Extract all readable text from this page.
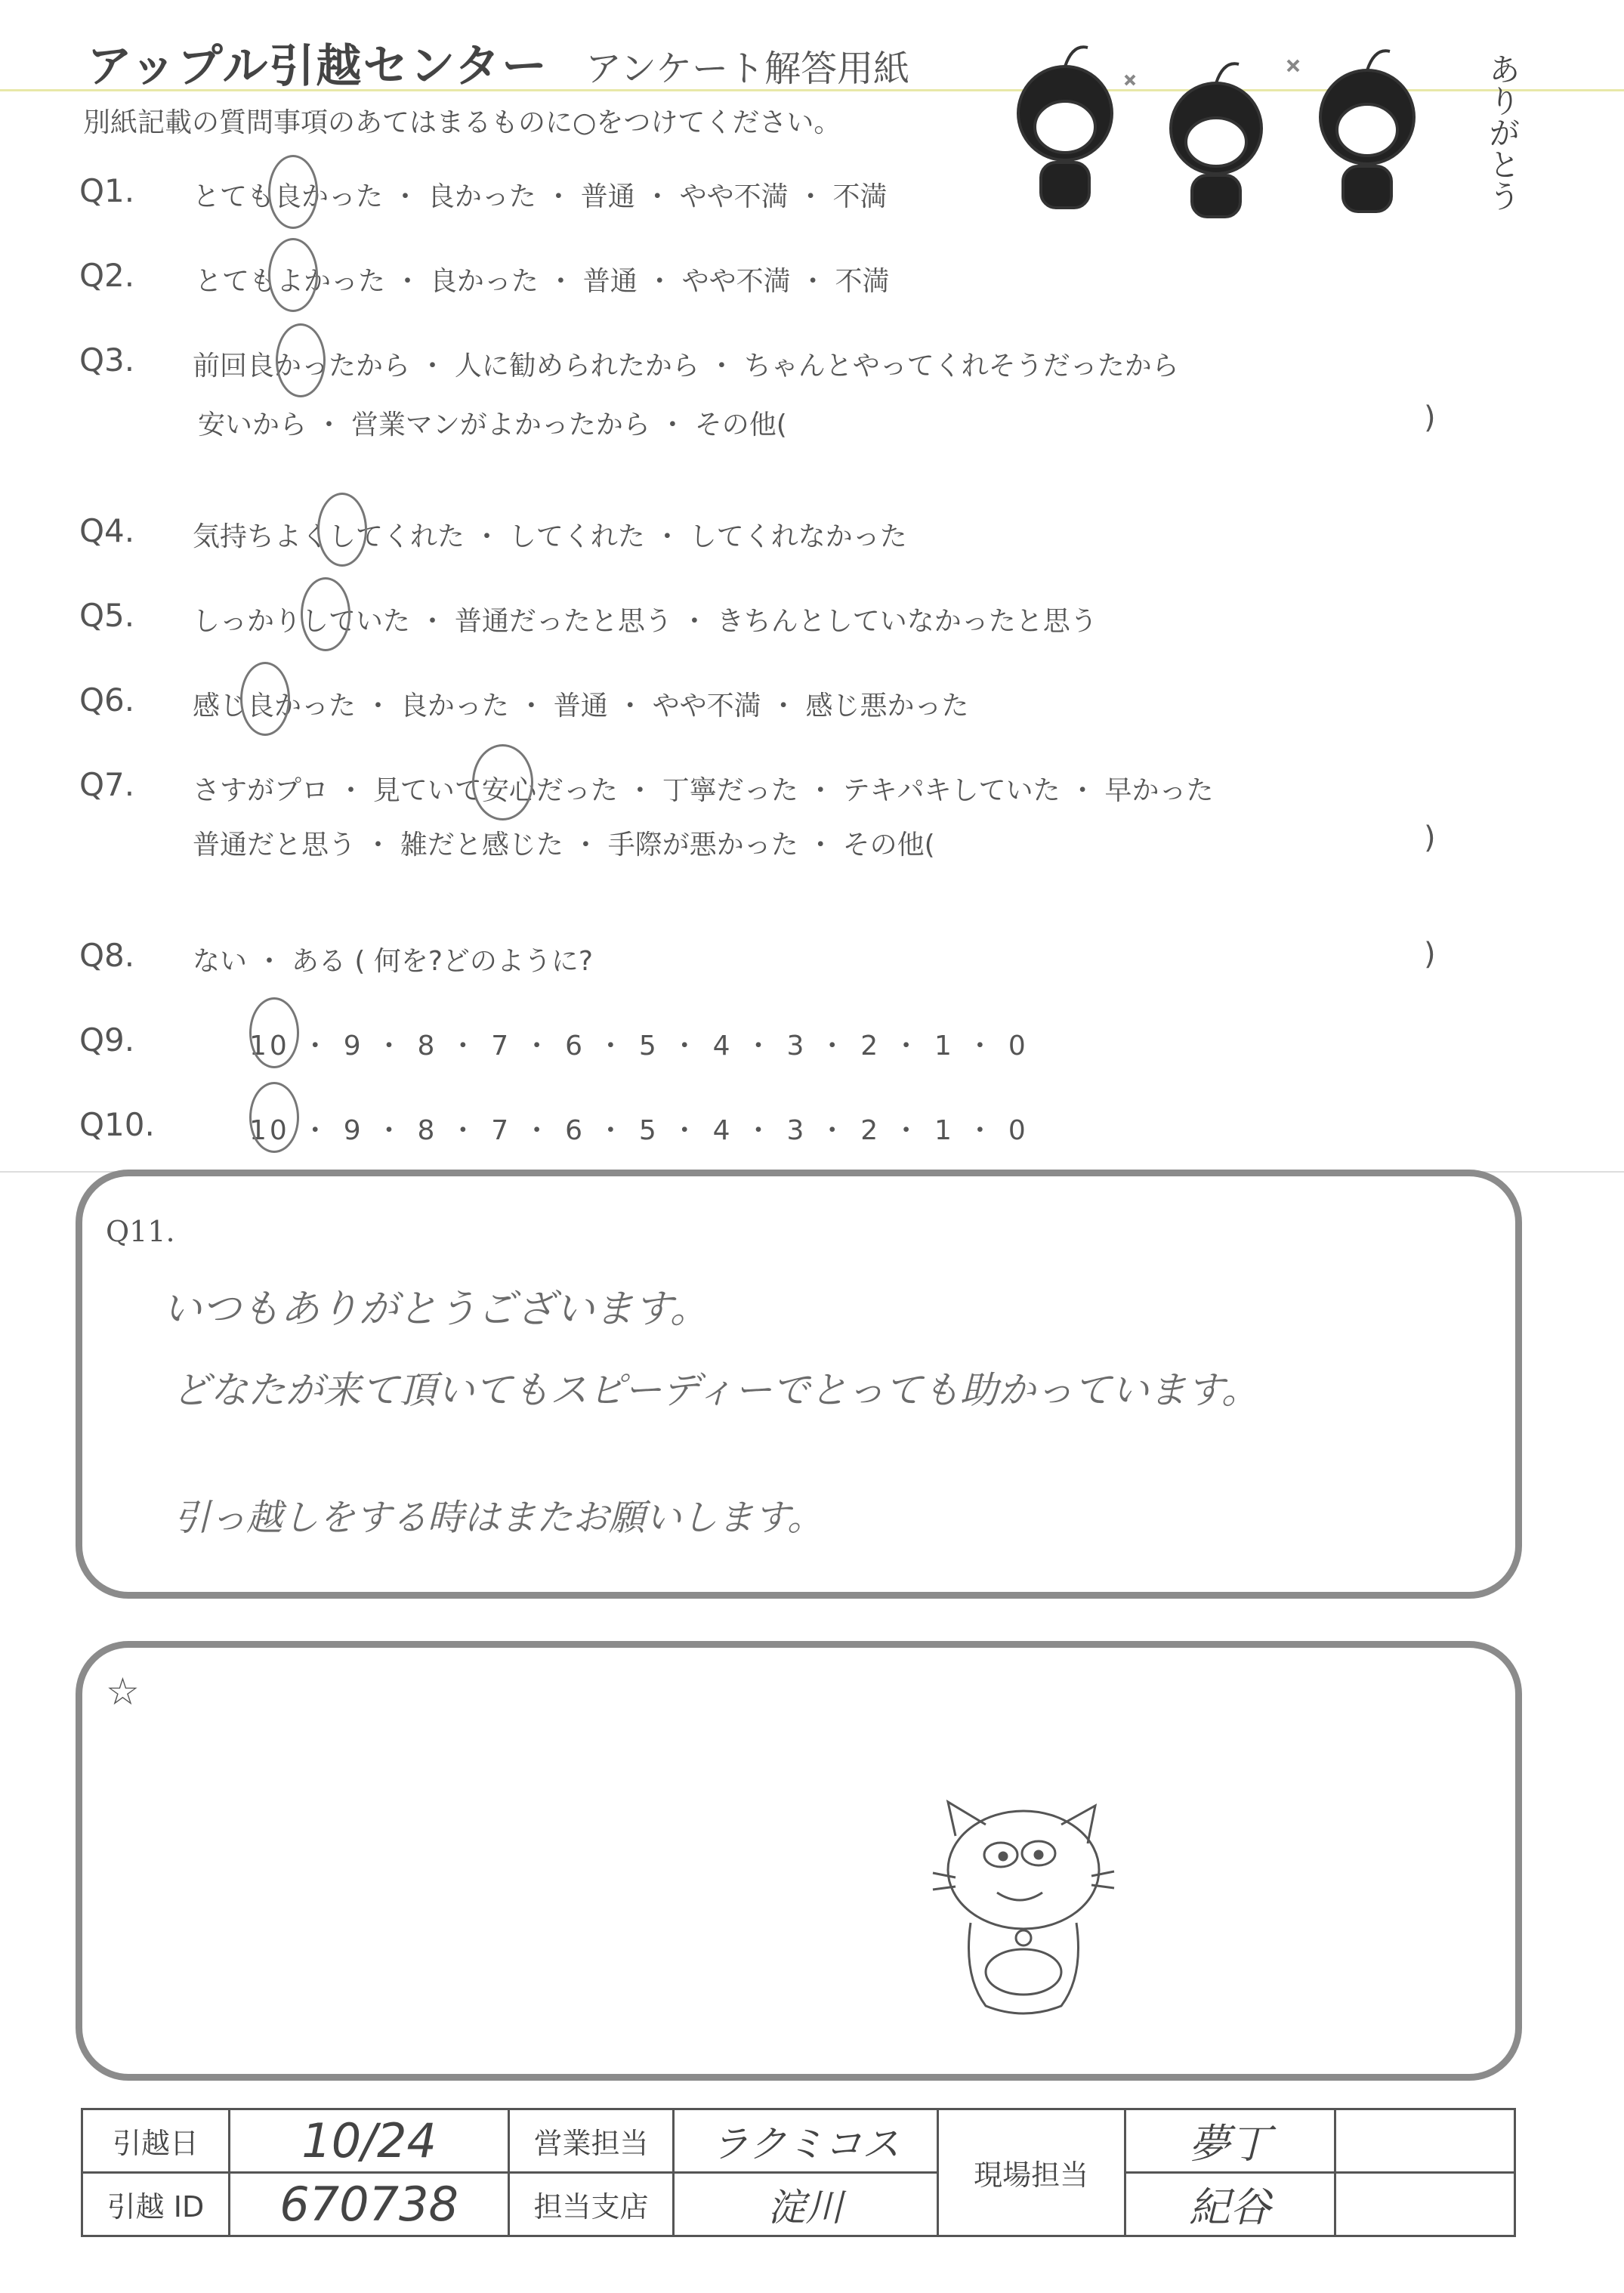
アップル引越センター アンケート解答用紙	ありがとう
別紙記載の質問事項のあてはまるものに○をつけてください。
Q1. とても良かった ・ 良かった ・ 普通 ・ やや不満 ・ 不満
Q2. とてもよかった ・ 良かった ・ 普通 ・ やや不満 ・ 不満
Q3. 前回良かったから ・ 人に勧められたから ・ ちゃんとやってくれそうだったから
安いから ・ 営業マンがよかったから ・ その他(	)
Q4. 気持ちよくしてくれた ・ してくれた ・ してくれなかった
Q5. しっかりしていた ・ 普通だったと思う ・ きちんとしていなかったと思う
Q6. 感じ良かった ・ 良かった ・ 普通 ・ やや不満 ・ 感じ悪かった
Q7. さすがプロ ・ 見ていて安心だった ・ 丁寧だった ・ テキパキしていた ・ 早かった
普通だと思う ・ 雑だと感じた ・ 手際が悪かった ・ その他(	)
Q8. ない ・ ある ( 何を?どのように?	)
Q9.	10 ・ 9 ・ 8 ・ 7 ・ 6 ・ 5 ・ 4 ・ 3 ・ 2 ・ 1 ・ 0
Q10.	10 ・ 9 ・ 8 ・ 7 ・ 6 ・ 5 ・ 4 ・ 3 ・ 2 ・ 1 ・ 0
Q11.
いつもありがとうございます。
どなたが来て頂いてもスピーディーでとっても助かっています。
引っ越しをする時はまたお願いします。
☆
引越日	10/24	営業担当	ラクミコス	現場担当	夢丁	
引越 ID	670738	担当支店	淀川		紀谷	
